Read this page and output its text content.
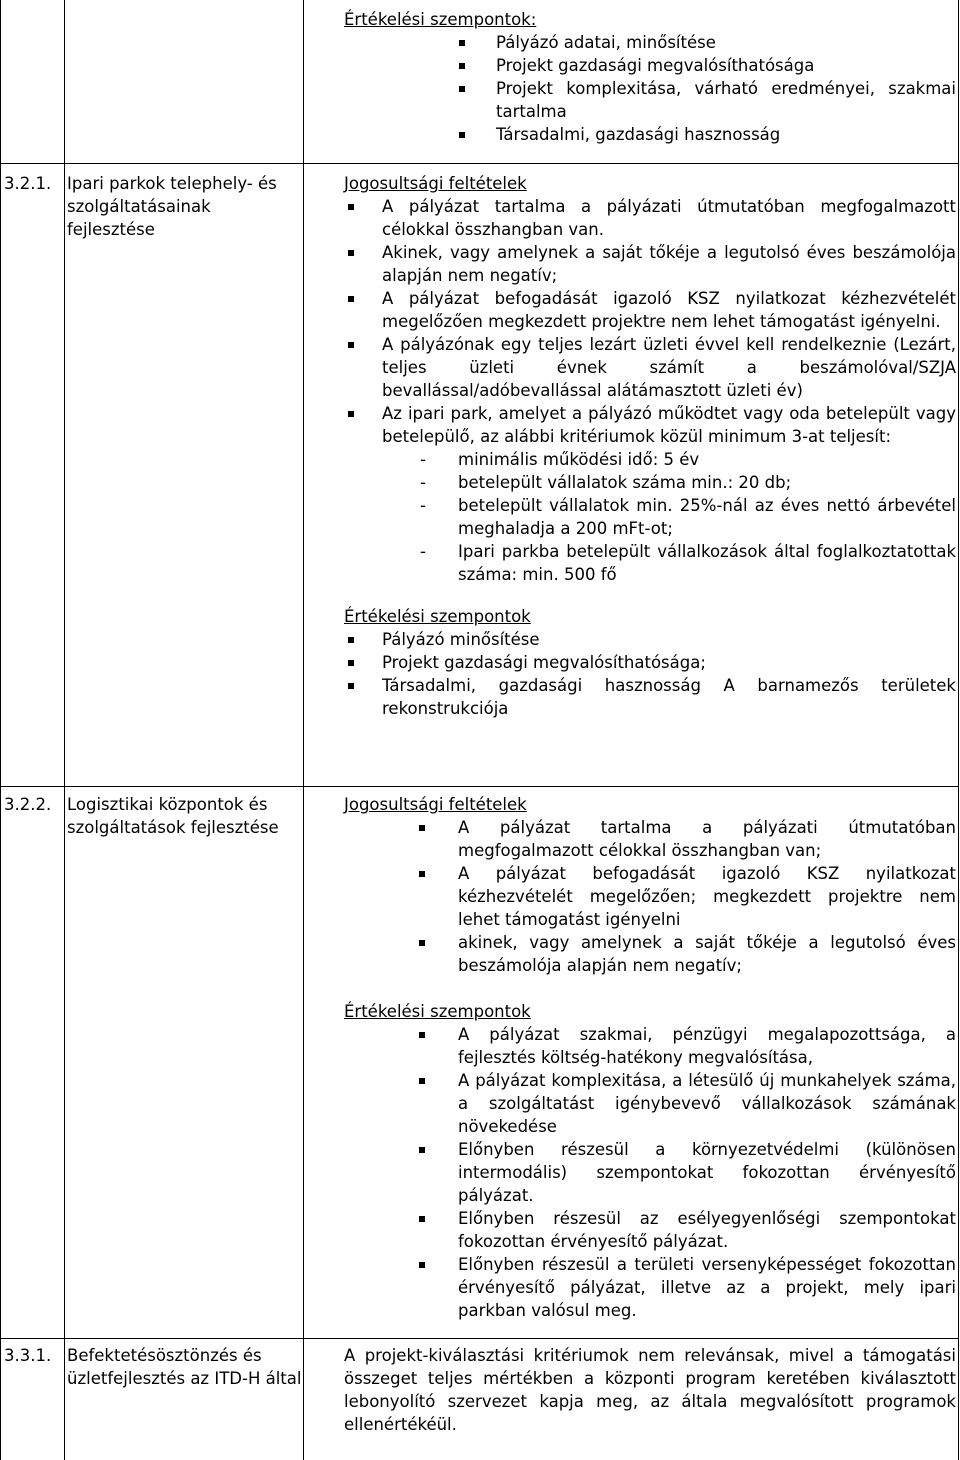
Értékelési szempontok:
Pályázó adatai, minősítése
Projekt gazdasági megvalósíthatósága
Projekt komplexitása, várható eredményei, szakmai tartalma
Társadalmi, gazdasági hasznosság
3.2.1. Ipari parkok telephely- és szolgáltatásainak fejlesztése
Jogosultsági feltételek
A pályázat tartalma a pályázati útmutatóban megfogalmazott célokkal összhangban van.
Akinek, vagy amelynek a saját tőkéje a legutolsó éves beszámolója alapján nem negatív;
A pályázat befogadását igazoló KSZ nyilatkozat kézhezvételét megelőzően megkezdett projektre nem lehet támogatást igényelni.
A pályázónak egy teljes lezárt üzleti évvel kell rendelkeznie (Lezárt, teljes üzleti évnek számít a beszámolóval/SZJA bevallással/adóbevallással alátámasztott üzleti év)
Az ipari park, amelyet a pályázó működtet vagy oda betelepült vagy betelepülő, az alábbi kritériumok közül minimum 3-at teljesít:
- minimális működési idő: 5 év
- betelepült vállalatok száma min.: 20 db;
- betelepült vállalatok min. 25%-nál az éves nettó árbevétel meghaladja a 200 mFt-ot;
- Ipari parkba betelepült vállalkozások által foglalkoztatottak száma: min. 500 fő
Értékelési szempontok
Pályázó minősítése
Projekt gazdasági megvalósíthatósága;
Társadalmi, gazdasági hasznosság A barnamezős területek rekonstrukciója
3.2.2. Logisztikai központok és szolgáltatások fejlesztése
Jogosultsági feltételek
A pályázat tartalma a pályázati útmutatóban megfogalmazott célokkal összhangban van;
A pályázat befogadását igazoló KSZ nyilatkozat kézhezvételét megelőzően; megkezdett projektre nem lehet támogatást igényelni
akinek, vagy amelynek a saját tőkéje a legutolsó éves beszámolója alapján nem negatív;
Értékelési szempontok
A pályázat szakmai, pénzügyi megalapozottsága, a fejlesztés költség-hatékony megvalósítása,
A pályázat komplexitása, a létesülő új munkahelyek száma, a szolgáltatást igénybevevő vállalkozások számának növekedése
Előnyben részesül a környezetvédelmi (különösen intermodális) szempontokat fokozottan érvényesítő pályázat.
Előnyben részesül az esélyegyenlőségi szempontokat fokozottan érvényesítő pályázat.
Előnyben részesül a területi versenyképességet fokozottan érvényesítő pályázat, illetve az a projekt, mely ipari parkban valósul meg.
3.3.1. Befektetésösztönzés és üzletfejlesztés az ITD-H által

A projekt-kiválasztási kritériumok nem relevánsak, mivel a támogatási összeget teljes mértékben a központi program keretében kiválasztott lebonyolító szervezet kapja meg, az általa megvalósított programok ellenértékéül.
